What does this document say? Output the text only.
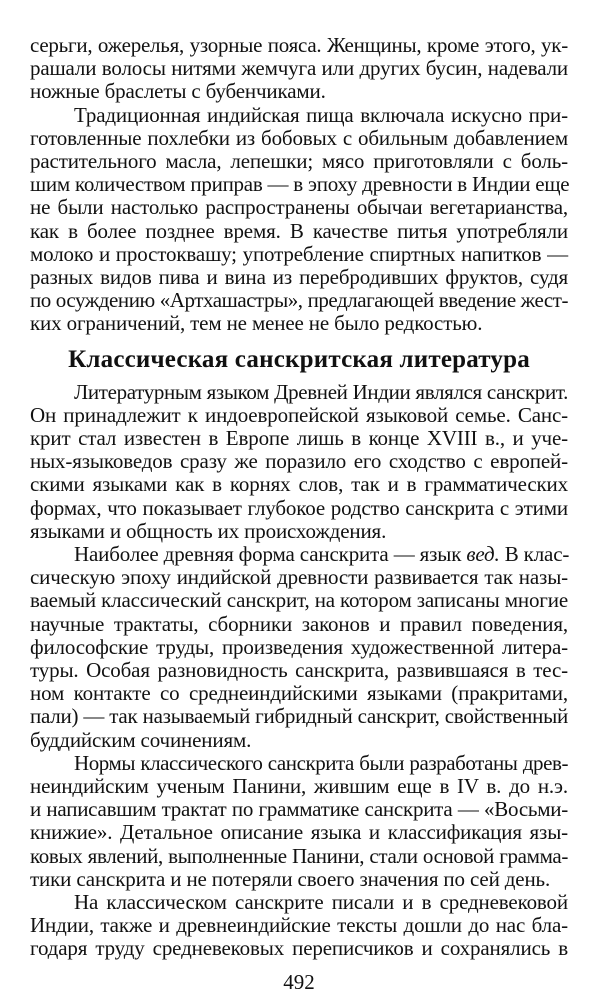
серьги, ожерелья, узорные пояса. Женщины, кроме этого, ук-
рашали волосы нитями жемчуга или других бусин, надевали
ножные браслеты с бубенчиками.
Традиционная индийская пища включала искусно при-
готовленные похлебки из бобовых с обильным добавлением
растительного масла, лепешки; мясо приготовляли с боль-
шим количеством приправ — в эпоху древности в Индии еще
не были настолько распространены обычаи вегетарианства,
как в более позднее время. В качестве питья употребляли
молоко и простоквашу; употребление спиртных напитков —
разных видов пива и вина из перебродивших фруктов, судя
по осуждению «Артхашастры», предлагающей введение жест-
ких ограничений, тем не менее не было редкостью.
Классическая санскритская литература
Литературным языком Древней Индии являлся санскрит.
Он принадлежит к индоевропейской языковой семье. Санс-
крит стал известен в Европе лишь в конце XVIII в., и уче-
ных-языковедов сразу же поразило его сходство с европей-
скими языками как в корнях слов, так и в грамматических
формах, что показывает глубокое родство санскрита с этими
языками и общность их происхождения.
Наиболее древняя форма санскрита — язык вед. В клас-
сическую эпоху индийской древности развивается так назы-
ваемый классический санскрит, на котором записаны многие
научные трактаты, сборники законов и правил поведения,
философские труды, произведения художественной литера-
туры. Особая разновидность санскрита, развившаяся в тес-
ном контакте со среднеиндийскими языками (пракритами,
пали) — так называемый гибридный санскрит, свойственный
буддийским сочинениям.
Нормы классического санскрита были разработаны древ-
неиндийским ученым Панини, жившим еще в IV в. до н.э.
и написавшим трактат по грамматике санскрита — «Восьми-
книжие». Детальное описание языка и классификация язы-
ковых явлений, выполненные Панини, стали основой грамма-
тики санскрита и не потеряли своего значения по сей день.
На классическом санскрите писали и в средневековой
Индии, также и древнеиндийские тексты дошли до нас бла-
годаря труду средневековых переписчиков и сохранялись в
492
